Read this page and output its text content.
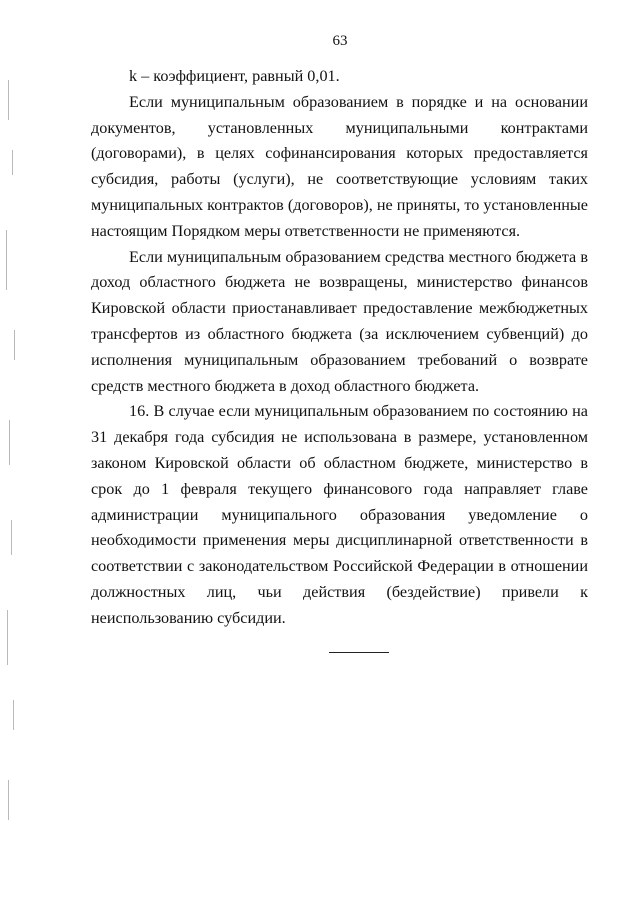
63

k – коэффициент, равный 0,01.

Если муниципальным образованием в порядке и на основании документов, установленных муниципальными контрактами (договорами), в целях софинансирования которых предоставляется субсидия, работы (услуги), не соответствующие условиям таких муниципальных контрактов (договоров), не приняты, то установленные настоящим Порядком меры ответственности не применяются.

Если муниципальным образованием средства местного бюджета в доход областного бюджета не возвращены, министерство финансов Кировской области приостанавливает предоставление межбюджетных трансфертов из областного бюджета (за исключением субвенций) до исполнения муниципальным образованием требований о возврате средств местного бюджета в доход областного бюджета.

16. В случае если муниципальным образованием по состоянию на 31 декабря года субсидия не использована в размере, установленном законом Кировской области об областном бюджете, министерство в срок до 1 февраля текущего финансового года направляет главе администрации муниципального образования уведомление о необходимости применения меры дисциплинарной ответственности в соответствии с законодательством Российской Федерации в отношении должностных лиц, чьи действия (бездействие) привели к неиспользованию субсидии.
